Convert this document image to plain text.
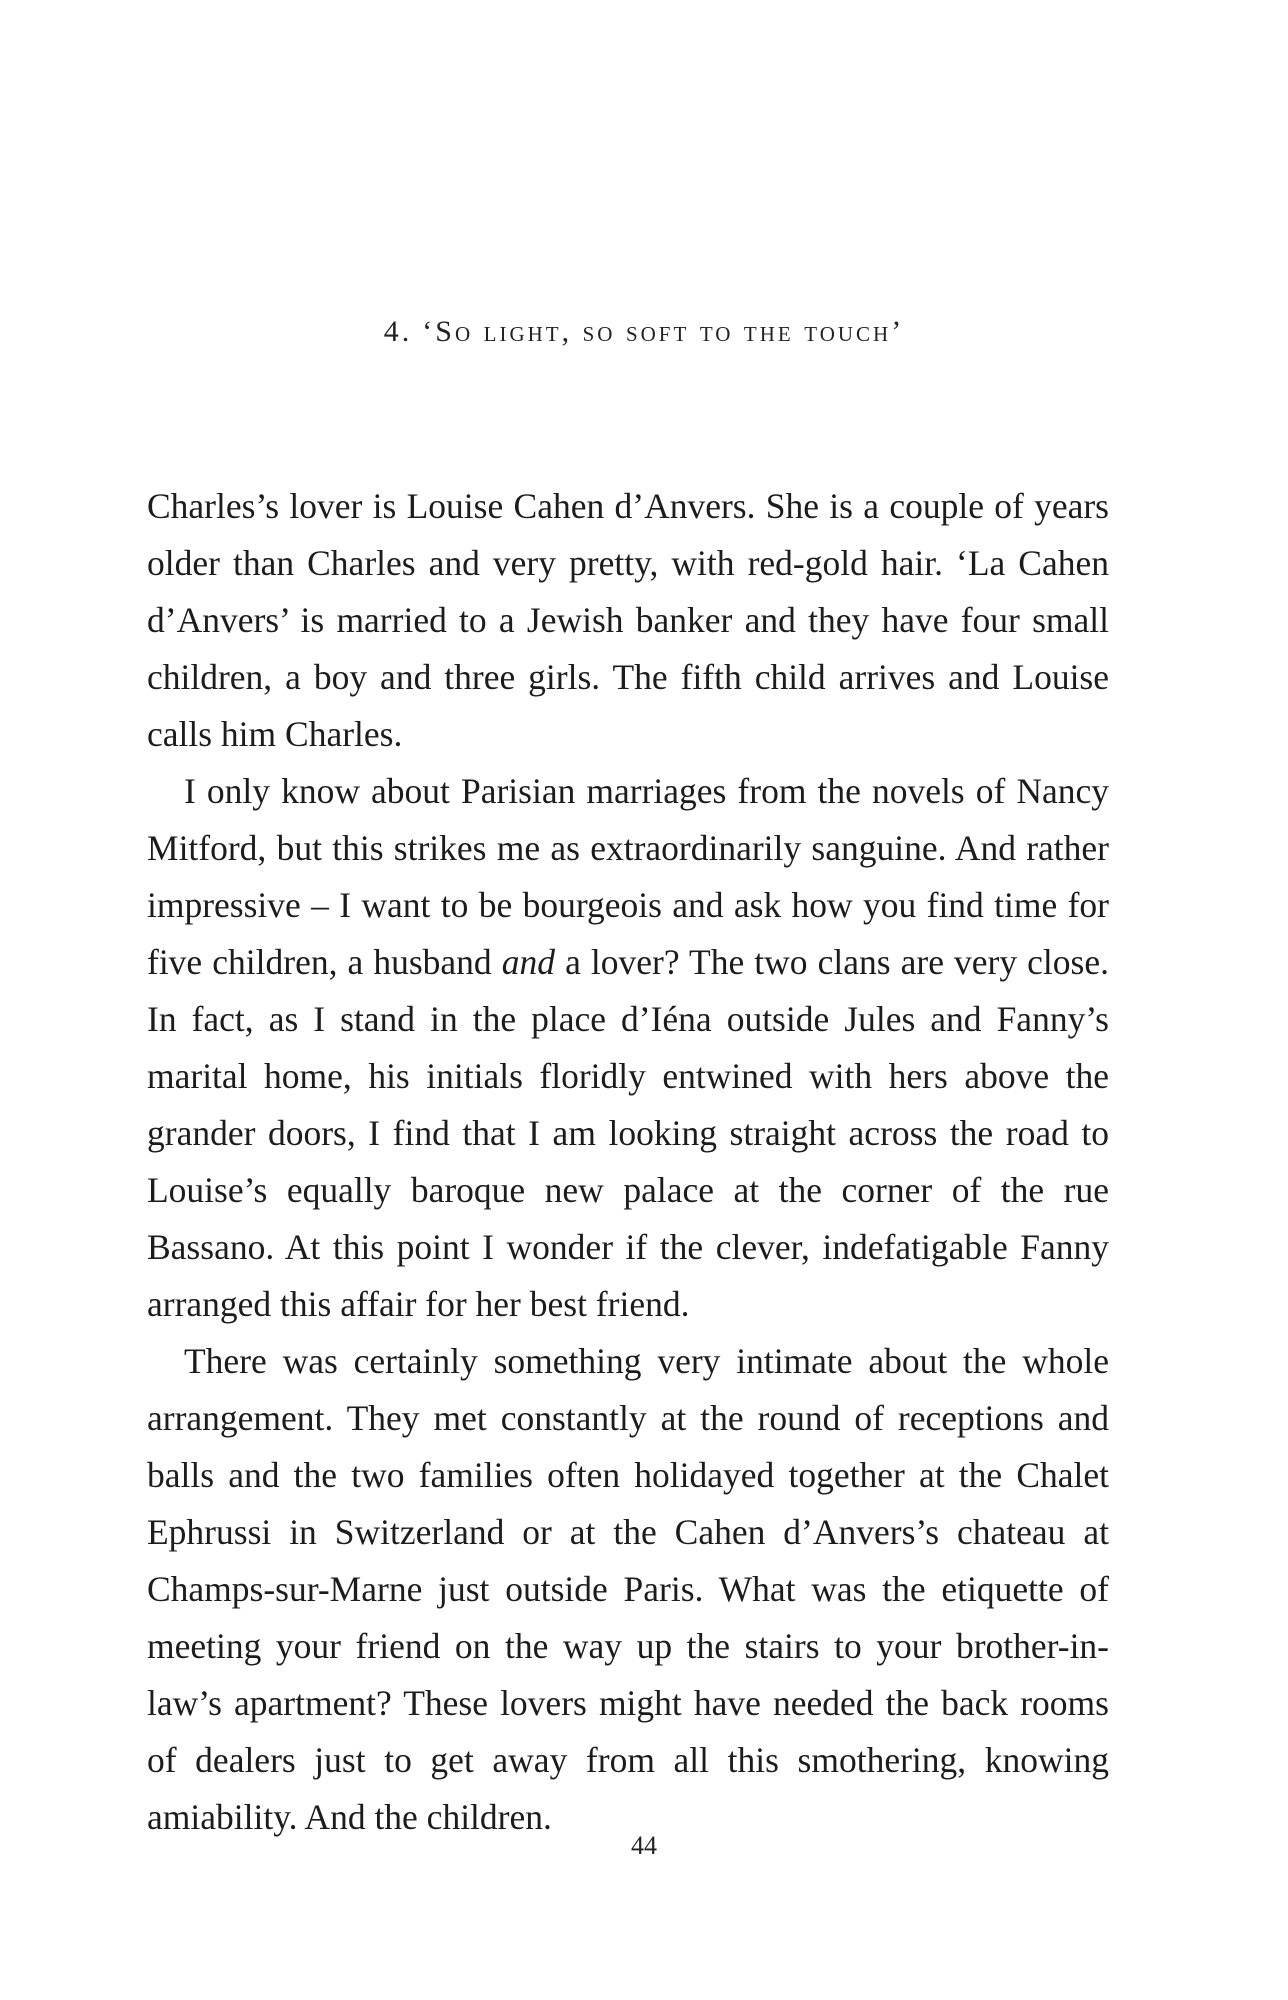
4. ‘So light, so soft to the touch’

Charles’s lover is Louise Cahen d’Anvers. She is a couple of years older than Charles and very pretty, with red-gold hair. ‘La Cahen d’Anvers’ is married to a Jewish banker and they have four small children, a boy and three girls. The fifth child arrives and Louise calls him Charles.

I only know about Parisian marriages from the novels of Nancy Mitford, but this strikes me as extraordinarily sanguine. And rather impressive – I want to be bourgeois and ask how you find time for five children, a husband and a lover? The two clans are very close. In fact, as I stand in the place d’Iéna outside Jules and Fanny’s marital home, his initials floridly entwined with hers above the grander doors, I find that I am looking straight across the road to Louise’s equally baroque new palace at the corner of the rue Bassano. At this point I wonder if the clever, indefatigable Fanny arranged this affair for her best friend.

There was certainly something very intimate about the whole arrangement. They met constantly at the round of receptions and balls and the two families often holidayed together at the Chalet Ephrussi in Switzerland or at the Cahen d’Anvers’s chateau at Champs-sur-Marne just outside Paris. What was the etiquette of meeting your friend on the way up the stairs to your brother-in-law’s apartment? These lovers might have needed the back rooms of dealers just to get away from all this smothering, knowing amiability. And the children.

44
